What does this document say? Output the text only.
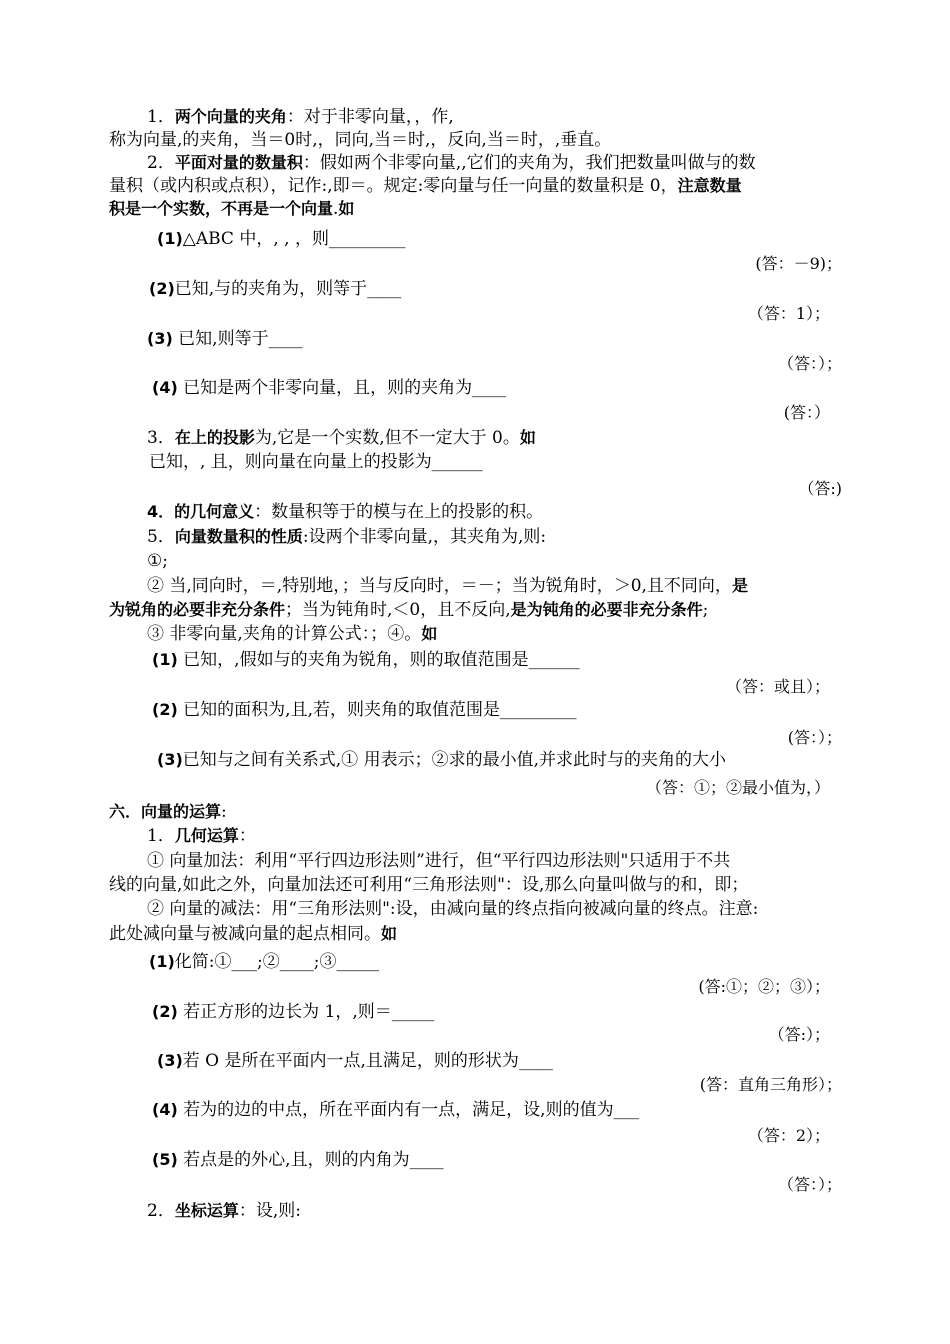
1．两个向量的夹角：对于非零向量，，作,
称为向量,的夹角，当＝0时,，同向,当＝时,，反向,当＝时，,垂直。
2．平面对量的数量积：假如两个非零向量,,它们的夹角为，我们把数量叫做与的数
量积（或内积或点积），记作:,即＝。规定:零向量与任一向量的数量积是 0，注意数量
积是一个实数，不再是一个向量.如
(1)△ABC 中，, , ，则_________
(2)已知,与的夹角为，则等于____
(3) 已知,则等于____
(4) 已知是两个非零向量，且，则的夹角为____
3．在上的投影为,它是一个实数,但不一定大于 0。如
已知，, 且，则向量在向量上的投影为______
4．的几何意义：数量积等于的模与在上的投影的积。
5．向量数量积的性质:设两个非零向量,，其夹角为,则:
①;
② 当,同向时，＝,特别地，；当与反向时，＝－；当为锐角时，＞0,且不同向，是
为锐角的必要非充分条件；当为钝角时,＜0，且不反向,是为钝角的必要非充分条件;
③ 非零向量,夹角的计算公式：；④。如
(1) 已知，,假如与的夹角为锐角，则的取值范围是______
(2) 已知的面积为,且,若，则夹角的取值范围是_________
(3)已知与之间有关系式,① 用表示；②求的最小值,并求此时与的夹角的大小
六．向量的运算:
1．几何运算：
① 向量加法：利用“平行四边形法则”进行，但“平行四边形法则"只适用于不共
线的向量,如此之外，向量加法还可利用“三角形法则"：设,那么向量叫做与的和，即；
② 向量的减法：用“三角形法则":设，由减向量的终点指向被减向量的终点。注意:
此处减向量与被减向量的起点相同。如
(1)化简:①___;②____;③_____
(2) 若正方形的边长为 1，,则＝_____
(3)若 O 是所在平面内一点,且满足，则的形状为____
(4) 若为的边的中点，所在平面内有一点，满足，设,则的值为___
(5) 若点是的外心,且，则的内角为____
2．坐标运算：设,则:
(答：－9)；
（答：1）；
（答：）；
(答：）
（答:)
（答：或且）；
(答：）；
（答：①；②最小值为，）
(答:①；②；③）；
（答:）；
(答：直角三角形）；
（答：2）；
（答：）；
